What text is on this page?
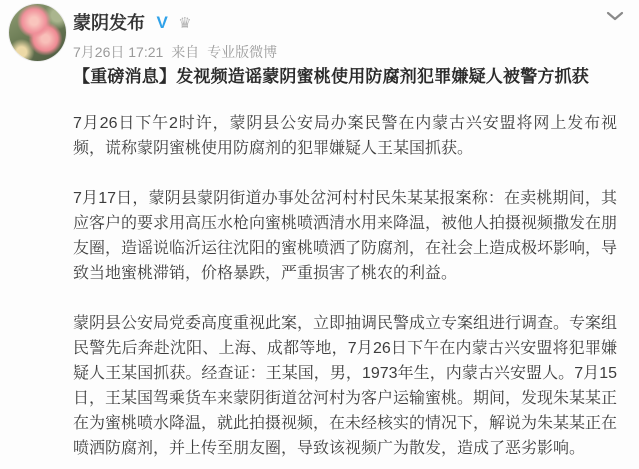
蒙阴发布 V ♛
7月26日 17:21 来自 专业版微博

【重磅消息】发视频造谣蒙阴蜜桃使用防腐剂犯罪嫌疑人被警方抓获

7月26日下午2时许，蒙阴县公安局办案民警在内蒙古兴安盟将网上发布视频，谎称蒙阴蜜桃使用防腐剂的犯罪嫌疑人王某国抓获。

7月17日，蒙阴县蒙阴街道办事处岔河村村民朱某某报案称：在卖桃期间，其应客户的要求用高压水枪向蜜桃喷洒清水用来降温，被他人拍摄视频撒发在朋友圈，造谣说临沂运往沈阳的蜜桃喷洒了防腐剂，在社会上造成极坏影响，导致当地蜜桃滞销，价格暴跌，严重损害了桃农的利益。

蒙阴县公安局党委高度重视此案，立即抽调民警成立专案组进行调查。专案组民警先后奔赴沈阳、上海、成都等地，7月26日下午在内蒙古兴安盟将犯罪嫌疑人王某国抓获。经查证：王某国，男，1973年生，内蒙古兴安盟人。7月15日，王某国驾乘货车来蒙阴街道岔河村为客户运输蜜桃。期间，发现朱某某正在为蜜桃喷水降温，就此拍摄视频，在未经核实的情况下，解说为朱某某正在喷洒防腐剂，并上传至朋友圈，导致该视频广为散发，造成了恶劣影响。
